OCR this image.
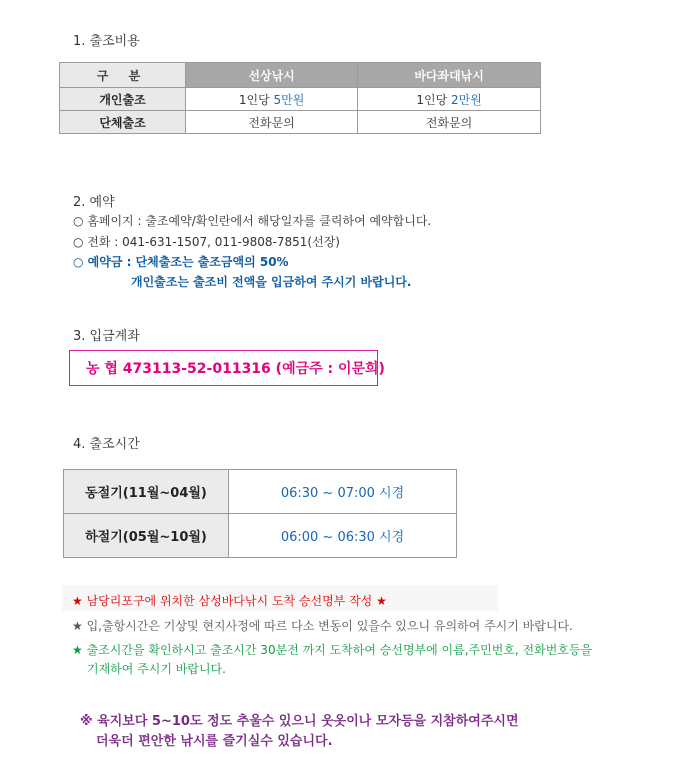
1. 출조비용
구 분	선상낚시	바다좌대낚시
개인출조	1인당 5만원	1인당 2만원
단체출조	전화문의	전화문의
2. 예약
○ 홈페이지 : 출조예약/확인란에서 해당일자를 클릭하여 예약합니다.
○ 전화 : 041-631-1507, 011-9808-7851(선장)
○ 예약금 : 단체출조는 출조금액의 50%
개인출조는 출조비 전액을 입금하여 주시기 바랍니다.
3. 입금계좌
농 협 473113-52-011316 (예금주 : 이문희)
4. 출조시간
동절기(11월~04월)	06:30 ~ 07:00 시경
하절기(05월~10월)	06:00 ~ 06:30 시경
★ 남당리포구에 위치한 삼성바다낚시 도착 승선명부 작성 ★
★ 입,출항시간은 기상및 현지사정에 따르 다소 변동이 있을수 있으니 유의하여 주시기 바랍니다.
★ 출조시간을 확인하시고 출조시간 30분전 까지 도착하여 승선명부에 이름,주민번호, 전화번호등을
기재하여 주시기 바랍니다.
※ 육지보다 5~10도 정도 추울수 있으니 웃옷이나 모자등을 지참하여주시면
더욱더 편안한 낚시를 즐기실수 있습니다.
